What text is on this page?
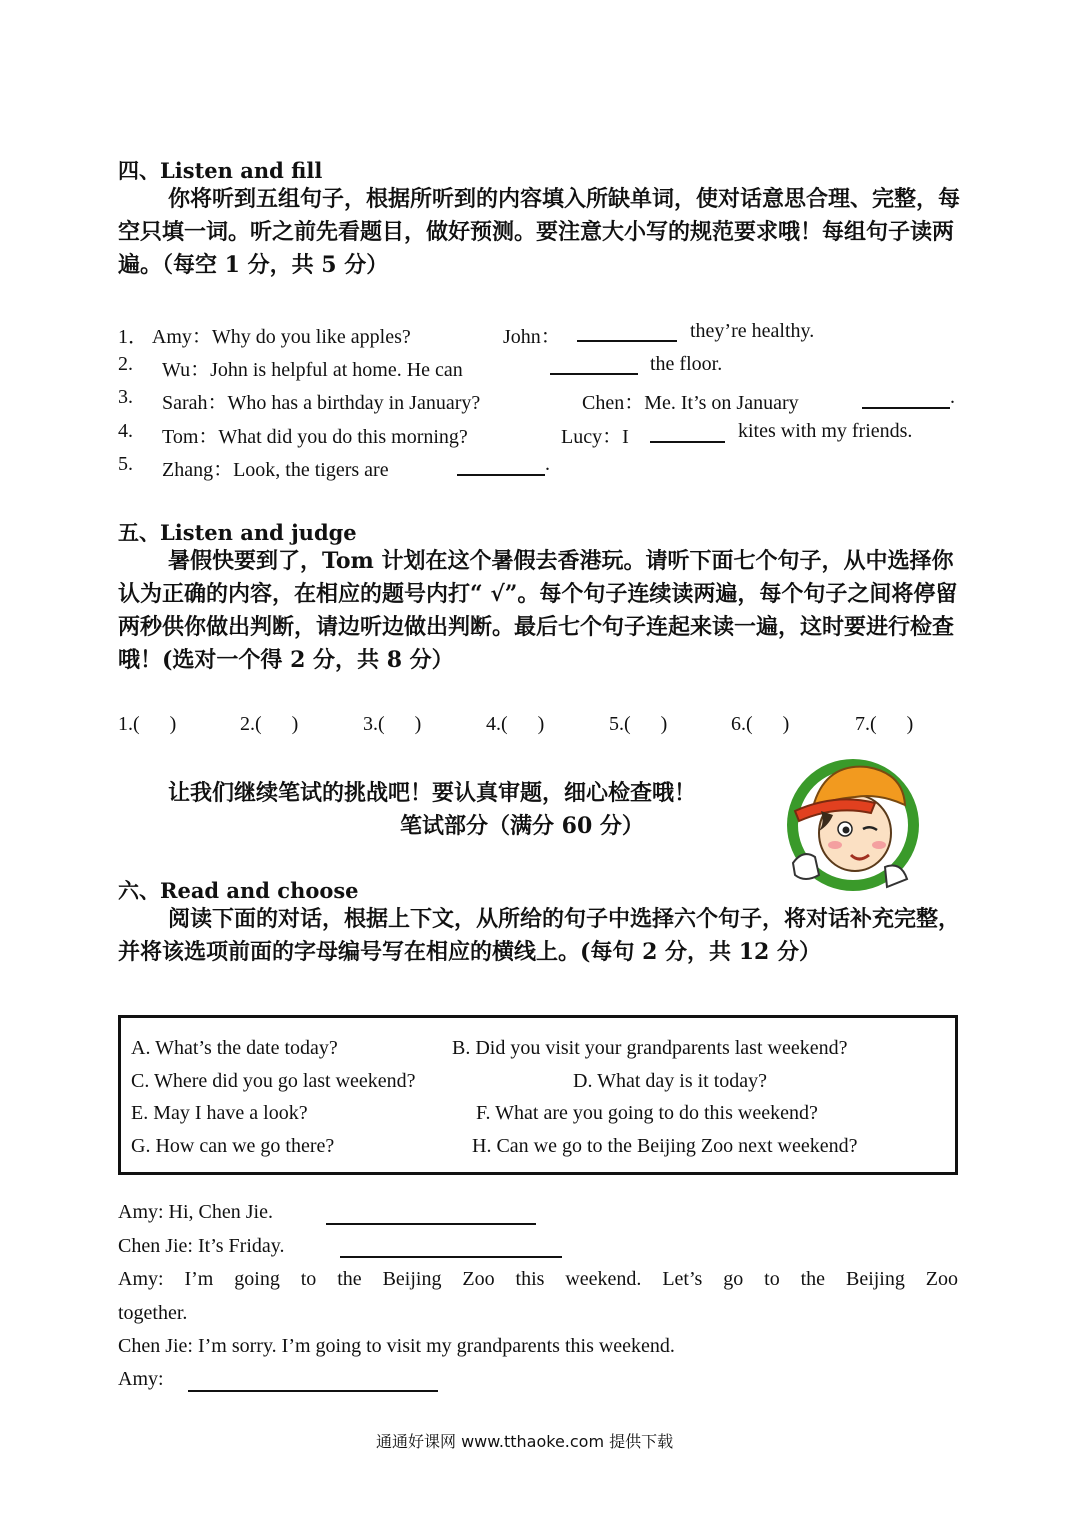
四、Listen and fill
你将听到五组句子，根据所听到的内容填入所缺单词，使对话意思合理、完整，每空只填一词。听之前先看题目，做好预测。要注意大小写的规范要求哦！每组句子读两遍。（每空 1 分，共 5 分）
1． Amy：Why do you like apples?	John：	they’re healthy.
2. Wu：John is helpful at home. He can	the floor.
3. Sarah：Who has a birthday in January?	Chen：Me. It’s on January	.
4. Tom：What did you do this morning?	Lucy：I	kites with my friends.
5. Zhang：Look, the tigers are	.
五、Listen and judge
暑假快要到了，Tom 计划在这个暑假去香港玩。请听下面七个句子，从中选择你认为正确的内容，在相应的题号内打“ √”。每个句子连续读两遍，每个句子之间将停留两秒供你做出判断，请边听边做出判断。最后七个句子连起来读一遍，这时要进行检查哦！(选对一个得 2 分，共 8 分）
1.( )	2.( )	3.( )	4.( )	5.( )	6.( )	7.( )
让我们继续笔试的挑战吧！要认真审题，细心检查哦！
笔试部分（满分 60 分）
六、Read and choose
阅读下面的对话，根据上下文，从所给的句子中选择六个句子，将对话补充完整，并将该选项前面的字母编号写在相应的横线上。(每句 2 分，共 12 分）
A. What’s the date today?	B. Did you visit your grandparents last weekend?
C. Where did you go last weekend?	D. What day is it today?
E. May I have a look?	F. What are you going to do this weekend?
G. How can we go there?	H. Can we go to the Beijing Zoo next weekend?
Amy: Hi, Chen Jie.
Chen Jie: It’s Friday.
Amy: I’m going to the Beijing Zoo this weekend. Let’s go to the Beijing Zoo
together.
Chen Jie: I’m sorry. I’m going to visit my grandparents this weekend.
Amy:
通通好课网 www.tthaoke.com 提供下载
